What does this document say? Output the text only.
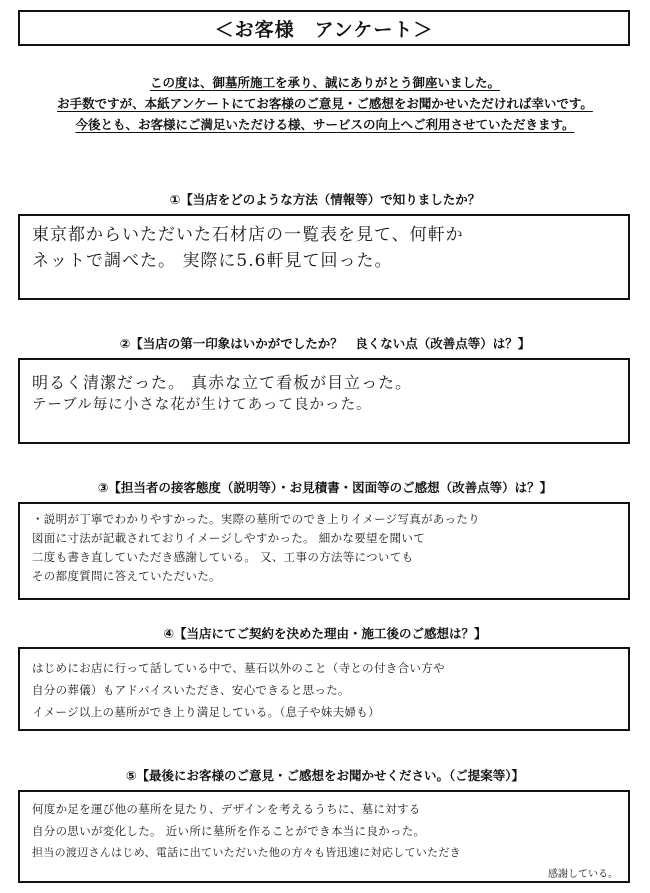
＜お客様　アンケート＞

この度は、御墓所施工を承り、誠にありがとう御座いました。

お手数ですが、本紙アンケートにてお客様のご意見・ご感想をお聞かせいただければ幸いです。

今後とも、お客様にご満足いただける様、サービスの向上へご利用させていただきます。

①【当店をどのような方法（情報等）で知りましたか？

東京都からいただいた石材店の一覧表を見て、何軒か

ネットで調べた。 実際に5.6軒見て回った。

②【当店の第一印象はいかがでしたか？　良くない点（改善点等）は？】

明るく清潔だった。 真赤な立て看板が目立った。

テーブル毎に小さな花が生けてあって良かった。

③【担当者の接客態度（説明等）・お見積書・図面等のご感想（改善点等）は？】

・説明が丁寧でわかりやすかった。実際の墓所でのでき上りイメージ写真があったり

図面に寸法が記載されておりイメージしやすかった。 細かな要望を聞いて

二度も書き直していただき感謝している。 又、工事の方法等についても

その都度質問に答えていただいた。

④【当店にてご契約を決めた理由・施工後のご感想は？】

はじめにお店に行って話している中で、墓石以外のこと（寺との付き合い方や

自分の葬儀）もアドバイスいただき、安心できると思った。

イメージ以上の墓所ができ上り満足している。（息子や妹夫婦も）

⑤【最後にお客様のご意見・ご感想をお聞かせください。（ご提案等）】

何度か足を運び他の墓所を見たり、デザインを考えるうちに、墓に対する

自分の思いが変化した。 近い所に墓所を作ることができ本当に良かった。

担当の渡辺さんはじめ、電話に出ていただいた他の方々も皆迅速に対応していただき

感謝している。
